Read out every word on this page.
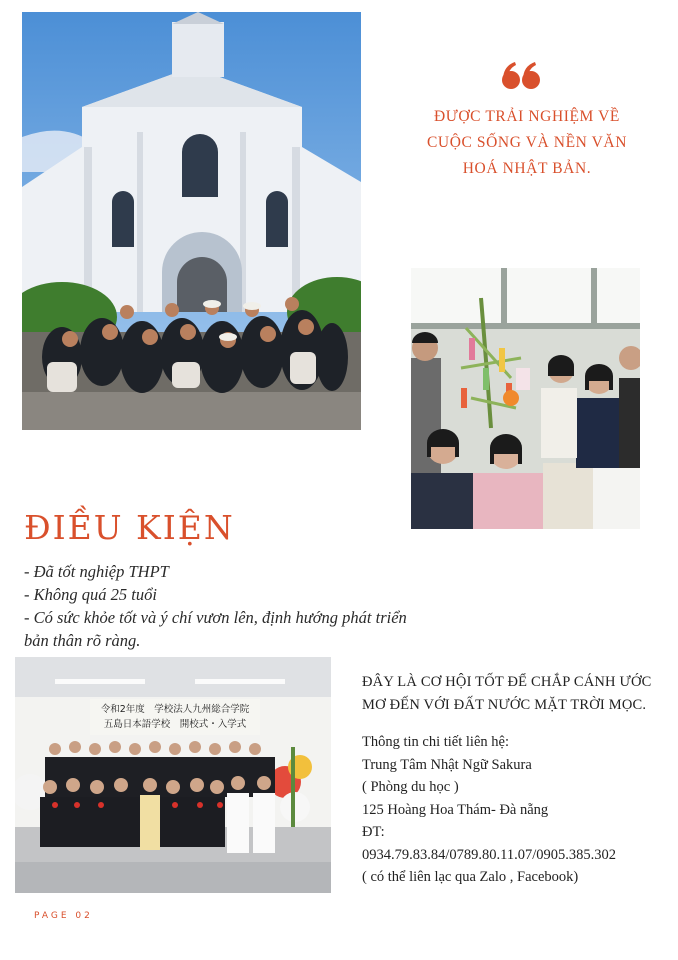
ĐƯỢC TRẢI NGHIỆM VỀ CUỘC SỐNG VÀ NỀN VĂN HOÁ NHẬT BẢN.
ĐIỀU KIỆN
- Đã tốt nghiệp THPT
- Không quá 25 tuổi
- Có sức khỏe tốt và ý chí vươn lên, định hướng phát triển bản thân rõ ràng.
令和2年度　学校法人九州総合学院
五島日本語学校　開校式・入学式

ĐÂY LÀ CƠ HỘI TỐT ĐỂ CHẮP CÁNH ƯỚC MƠ ĐẾN VỚI ĐẤT NƯỚC MẶT TRỜI MỌC.

Thông tin chi tiết liên hệ:
Trung Tâm Nhật Ngữ Sakura
( Phòng du học )
125 Hoàng Hoa Thám- Đà nẵng
ĐT:
0934.79.83.84/0789.80.11.07/0905.385.302
( có thể liên lạc qua Zalo , Facebook)
PAGE 02
